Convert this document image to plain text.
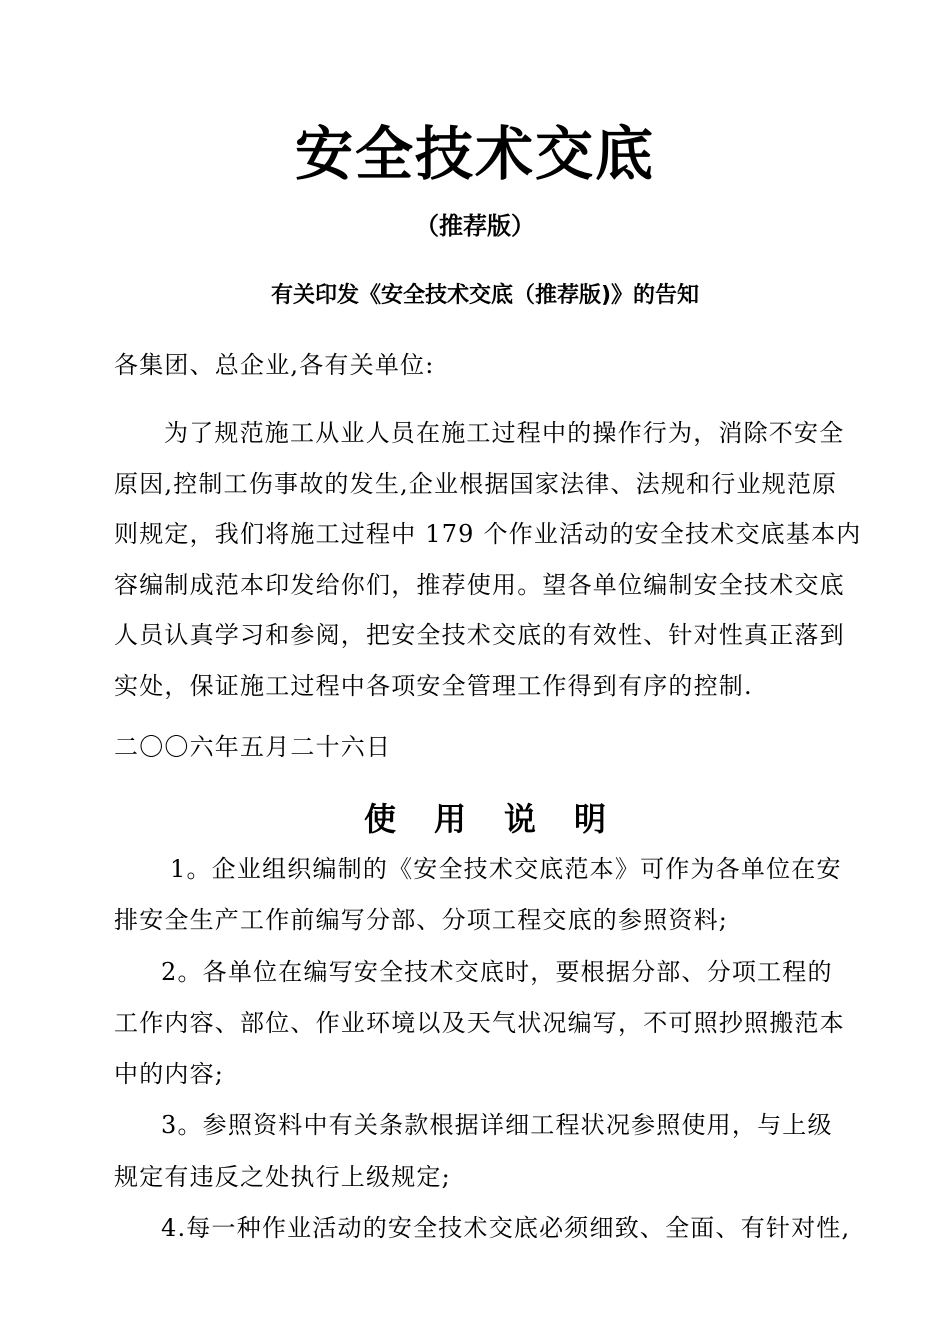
安全技术交底
（推荐版）
有关印发《安全技术交底（推荐版)》的告知
各集团、总企业,各有关单位:
为了规范施工从业人员在施工过程中的操作行为，消除不安全
原因,控制工伤事故的发生,企业根据国家法律、法规和行业规范原
则规定，我们将施工过程中 179 个作业活动的安全技术交底基本内
容编制成范本印发给你们，推荐使用。望各单位编制安全技术交底
人员认真学习和参阅，把安全技术交底的有效性、针对性真正落到
实处，保证施工过程中各项安全管理工作得到有序的控制.
二〇〇六年五月二十六日
使 用 说 明
1。企业组织编制的《安全技术交底范本》可作为各单位在安
排安全生产工作前编写分部、分项工程交底的参照资料;
2。各单位在编写安全技术交底时，要根据分部、分项工程的
工作内容、部位、作业环境以及天气状况编写，不可照抄照搬范本
中的内容;
3。参照资料中有关条款根据详细工程状况参照使用，与上级
规定有违反之处执行上级规定;
4.每一种作业活动的安全技术交底必须细致、全面、有针对性,
